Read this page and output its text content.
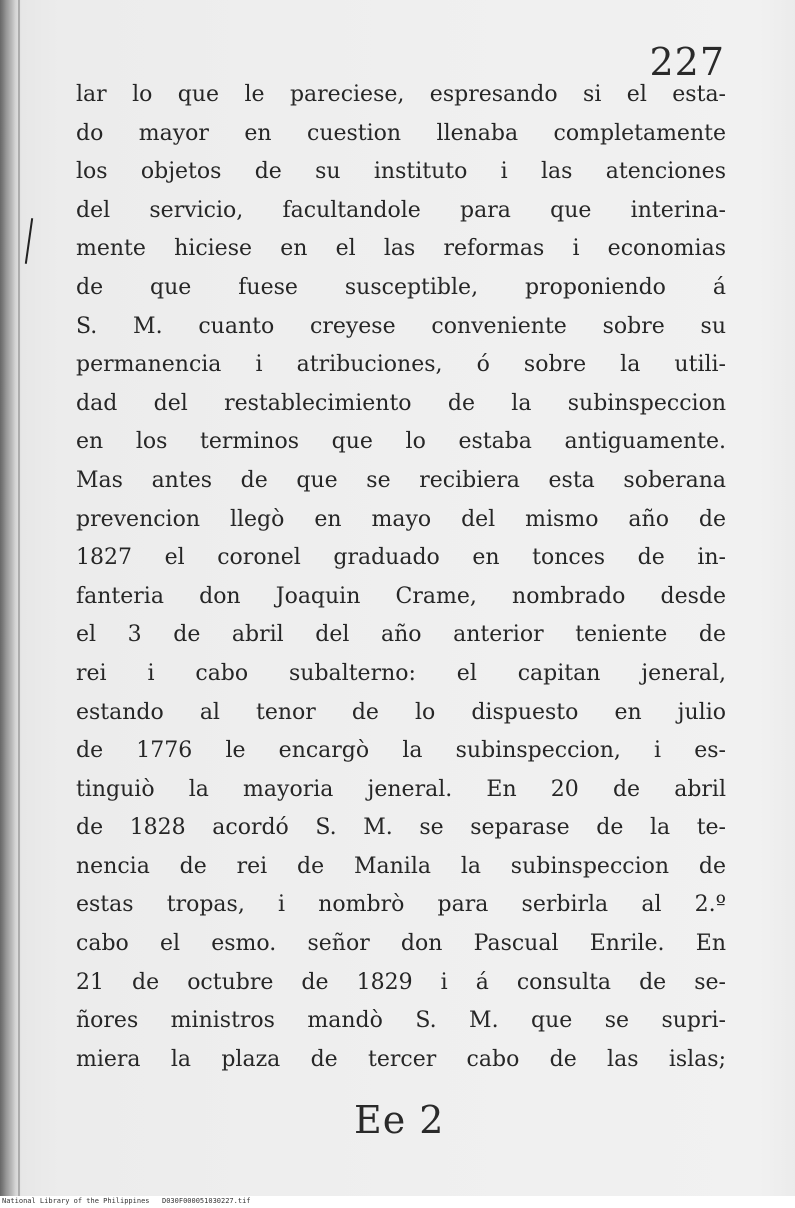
227
lar lo que le pareciese, espresando si el esta-
do mayor en cuestion llenaba completamente
los objetos de su instituto i las atenciones
del servicio, facultandole para que interina-
mente hiciese en el las reformas i economias
de que fuese susceptible, proponiendo á
S. M. cuanto creyese conveniente sobre su
permanencia i atribuciones, ó sobre la utili-
dad del restablecimiento de la subinspeccion
en los terminos que lo estaba antiguamente.
Mas antes de que se recibiera esta soberana
prevencion llegò en mayo del mismo año de
1827 el coronel graduado en tonces de in-
fanteria don Joaquin Crame, nombrado desde
el 3 de abril del año anterior teniente de
rei i cabo subalterno: el capitan jeneral,
estando al tenor de lo dispuesto en julio
de 1776 le encargò la subinspeccion, i es-
tinguiò la mayoria jeneral. En 20 de abril
de 1828 acordó S. M. se separase de la te-
nencia de rei de Manila la subinspeccion de
estas tropas, i nombrò para serbirla al 2.º
cabo el esmo. señor don Pascual Enrile. En
21 de octubre de 1829 i á consulta de se-
ñores ministros mandò S. M. que se supri-
miera la plaza de tercer cabo de las islas;
Ee 2
National Library of the Philippines D030F000051030227.tif
